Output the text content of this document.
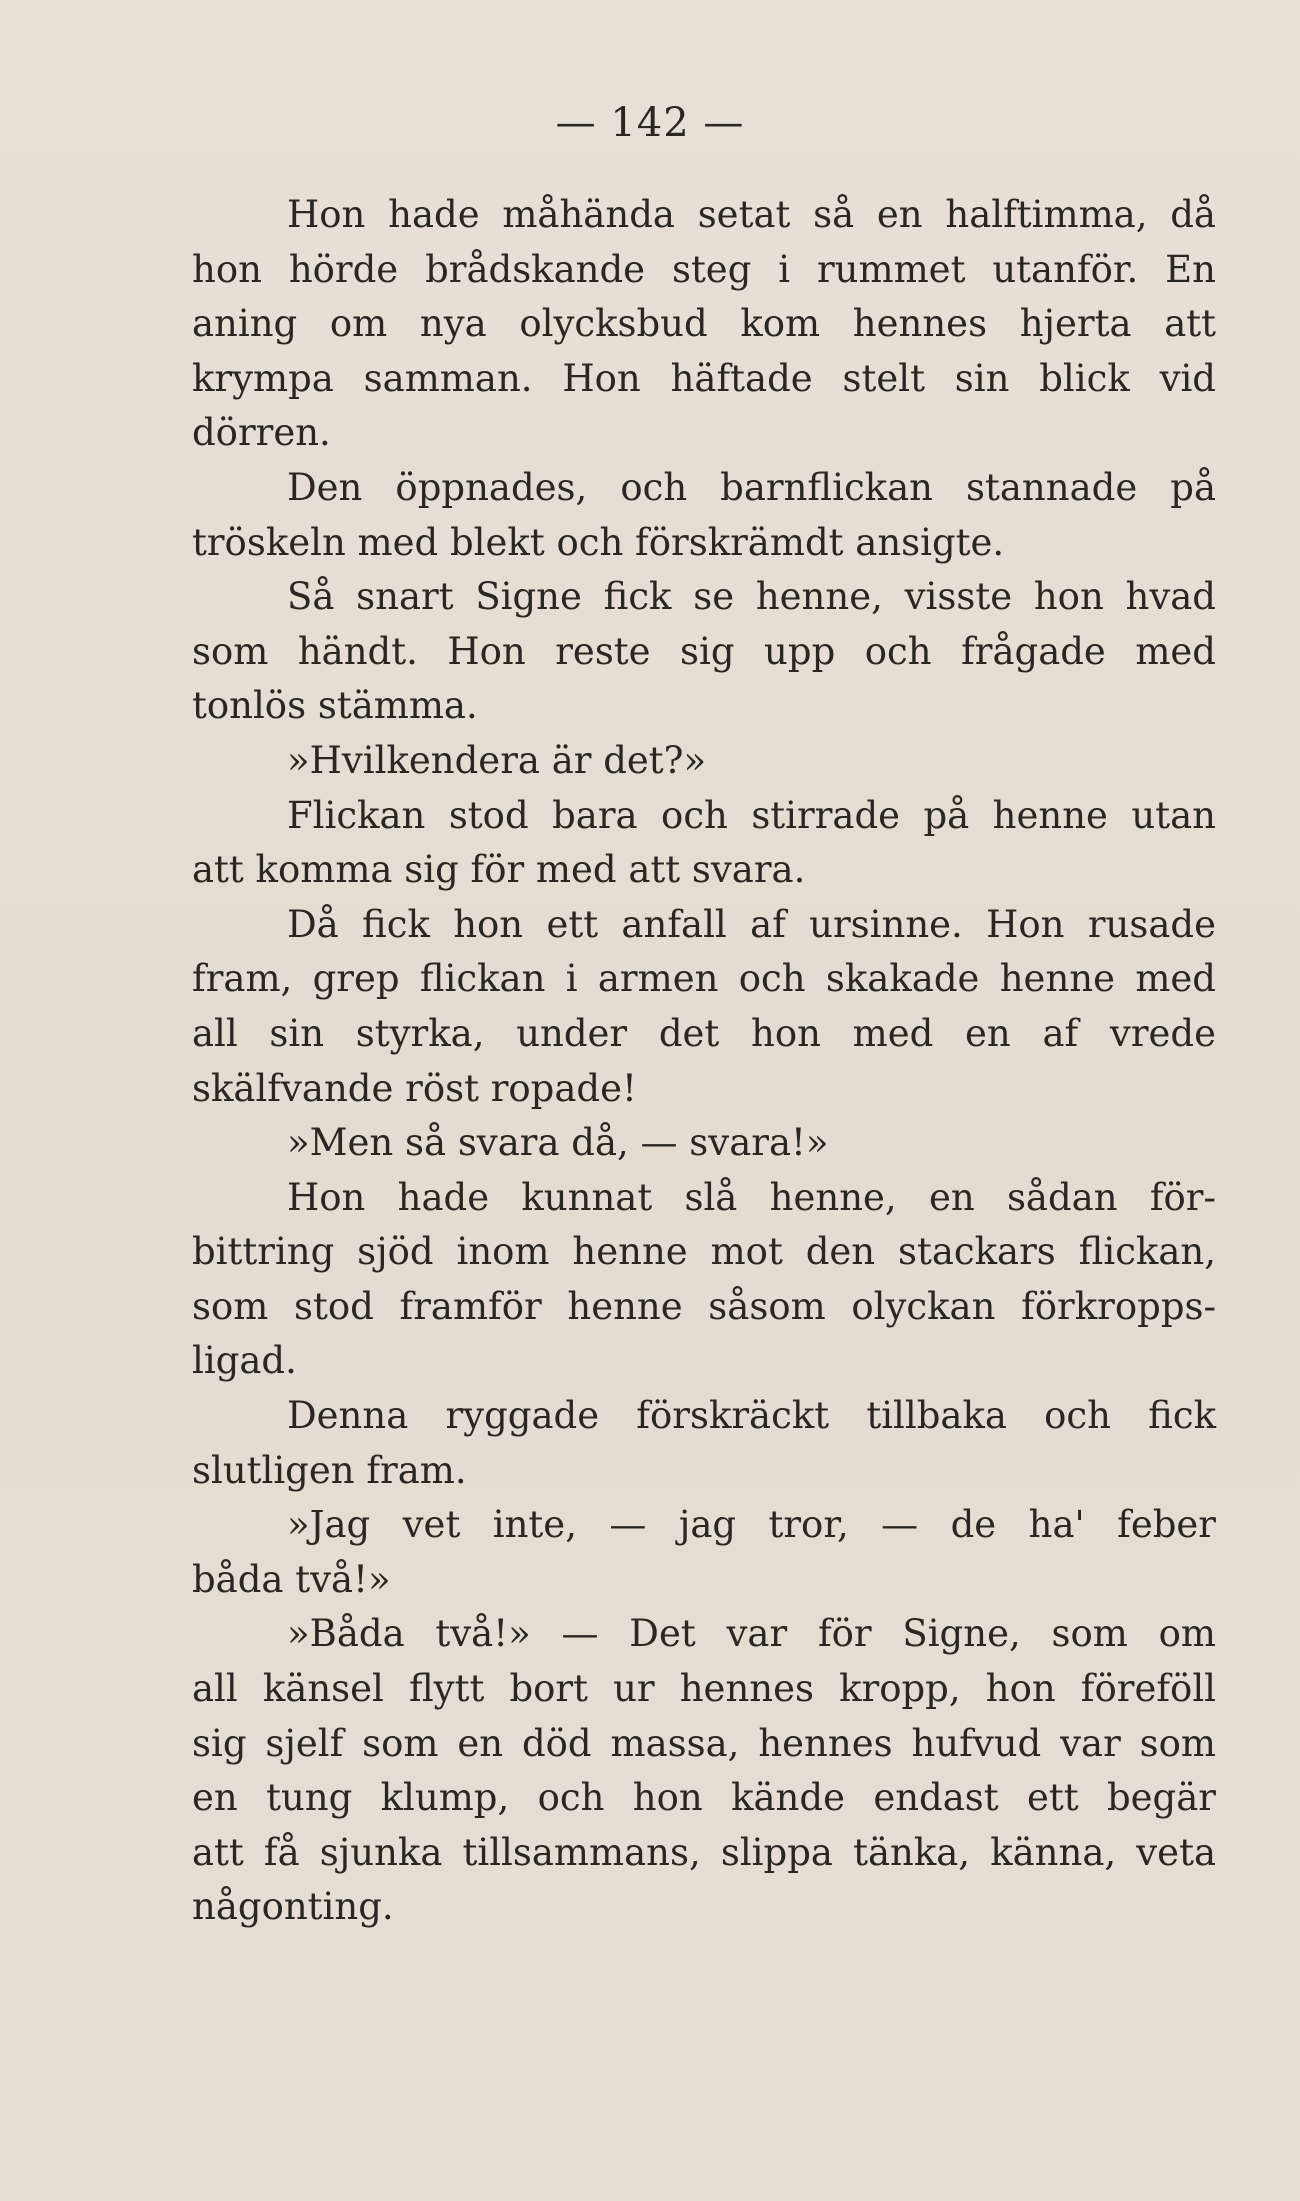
— 142 —
Hon hade måhända setat så en halftimma, då
hon hörde brådskande steg i rummet utanför. En
aning om nya olycksbud kom hennes hjerta att
krympa samman. Hon häftade stelt sin blick vid
dörren.
Den öppnades, och barnflickan stannade på
tröskeln med blekt och förskrämdt ansigte.
Så snart Signe fick se henne, visste hon hvad
som händt. Hon reste sig upp och frågade med
tonlös stämma.
»Hvilkendera är det?»
Flickan stod bara och stirrade på henne utan
att komma sig för med att svara.
Då fick hon ett anfall af ursinne. Hon rusade
fram, grep flickan i armen och skakade henne med
all sin styrka, under det hon med en af vrede
skälfvande röst ropade!
»Men så svara då, — svara!»
Hon hade kunnat slå henne, en sådan för-
bittring sjöd inom henne mot den stackars flickan,
som stod framför henne såsom olyckan förkropps-
ligad.
Denna ryggade förskräckt tillbaka och fick
slutligen fram.
»Jag vet inte, — jag tror, — de ha' feber
båda två!»
»Båda två!» — Det var för Signe, som om
all känsel flytt bort ur hennes kropp, hon föreföll
sig sjelf som en död massa, hennes hufvud var som
en tung klump, och hon kände endast ett begär
att få sjunka tillsammans, slippa tänka, känna, veta
någonting.
